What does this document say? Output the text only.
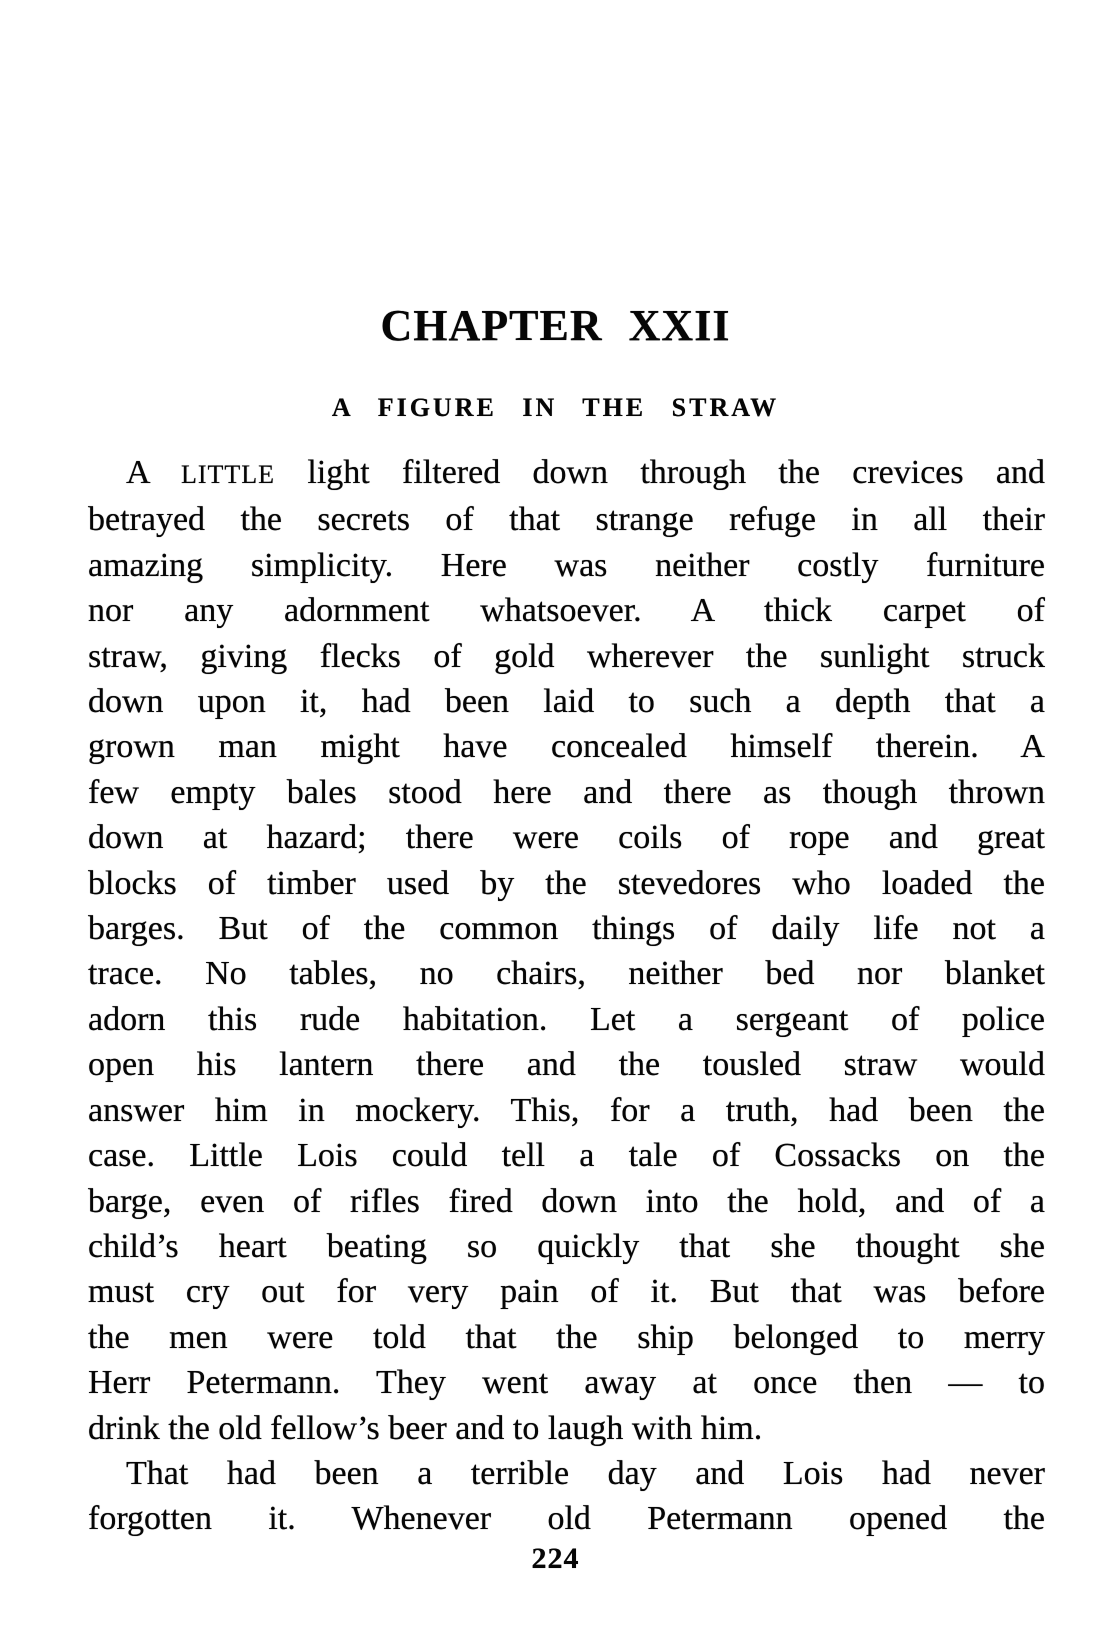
CHAPTER XXII
A FIGURE IN THE STRAW
A LITTLE light filtered down through the crevices and
betrayed the secrets of that strange refuge in all their
amazing simplicity. Here was neither costly furniture
nor any adornment whatsoever. A thick carpet of
straw, giving flecks of gold wherever the sunlight struck
down upon it, had been laid to such a depth that a
grown man might have concealed himself therein. A
few empty bales stood here and there as though thrown
down at hazard; there were coils of rope and great
blocks of timber used by the stevedores who loaded the
barges. But of the common things of daily life not a
trace. No tables, no chairs, neither bed nor blanket
adorn this rude habitation. Let a sergeant of police
open his lantern there and the tousled straw would
answer him in mockery. This, for a truth, had been the
case. Little Lois could tell a tale of Cossacks on the
barge, even of rifles fired down into the hold, and of a
child’s heart beating so quickly that she thought she
must cry out for very pain of it. But that was before
the men were told that the ship belonged to merry
Herr Petermann. They went away at once then — to
drink the old fellow’s beer and to laugh with him.
That had been a terrible day and Lois had never
forgotten it. Whenever old Petermann opened the
224
